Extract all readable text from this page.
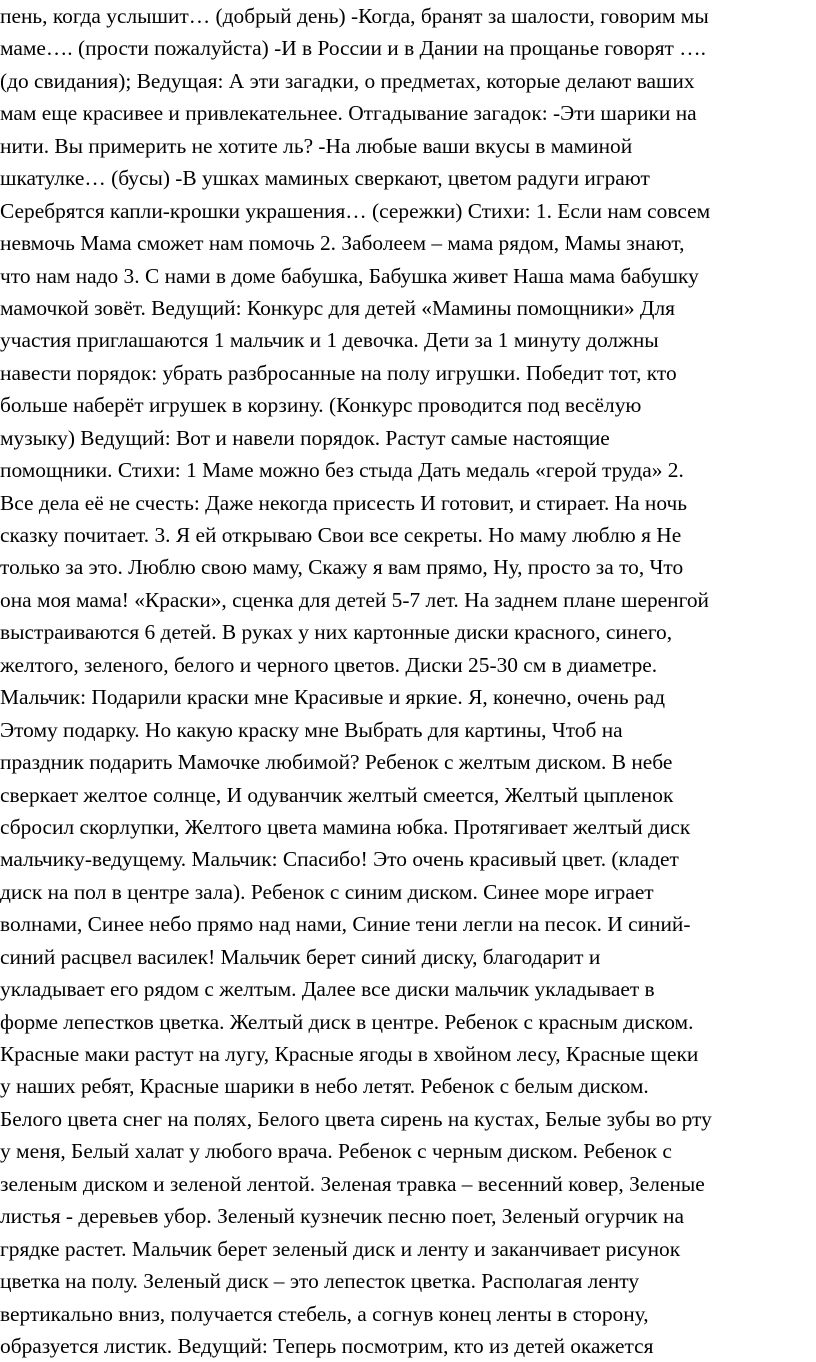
пень, когда услышит… (добрый день) -Когда, бранят за шалости, говорим мы
маме…. (прости пожалуйста) -И в России и в Дании на прощанье говорят ….
(до свидания); Ведущая: А эти загадки, о предметах, которые делают ваших
мам еще красивее и привлекательнее. Отгадывание загадок: -Эти шарики на
нити. Вы примерить не хотите ль? -На любые ваши вкусы в маминой
шкатулке… (бусы) -В ушках маминых сверкают, цветом радуги играют
Серебрятся капли-крошки украшения… (сережки) Стихи: 1. Если нам совсем
невмочь Мама сможет нам помочь 2. Заболеем – мама рядом, Мамы знают,
что нам надо 3. С нами в доме бабушка, Бабушка живет Наша мама бабушку
мамочкой зовёт. Ведущий: Конкурс для детей «Мамины помощники» Для
участия приглашаются 1 мальчик и 1 девочка. Дети за 1 минуту должны
навести порядок: убрать разбросанные на полу игрушки. Победит тот, кто
больше наберёт игрушек в корзину. (Конкурс проводится под весёлую
музыку) Ведущий: Вот и навели порядок. Растут самые настоящие
помощники. Стихи: 1 Маме можно без стыда Дать медаль «герой труда» 2.
Все дела её не счесть: Даже некогда присесть И готовит, и стирает. На ночь
сказку почитает. 3. Я ей открываю Свои все секреты. Но маму люблю я Не
только за это. Люблю свою маму, Скажу я вам прямо, Ну, просто за то, Что
она моя мама! «Краски», сценка для детей 5-7 лет. На заднем плане шеренгой
выстраиваются 6 детей. В руках у них картонные диски красного, синего,
желтого, зеленого, белого и черного цветов. Диски 25-30 см в диаметре.
Мальчик: Подарили краски мне Красивые и яркие. Я, конечно, очень рад
Этому подарку. Но какую краску мне Выбрать для картины, Чтоб на
праздник подарить Мамочке любимой? Ребенок с желтым диском. В небе
сверкает желтое солнце, И одуванчик желтый смеется, Желтый цыпленок
сбросил скорлупки, Желтого цвета мамина юбка. Протягивает желтый диск
мальчику-ведущему. Мальчик: Спасибо! Это очень красивый цвет. (кладет
диск на пол в центре зала). Ребенок с синим диском. Синее море играет
волнами, Синее небо прямо над нами, Синие тени легли на песок. И синий-
синий расцвел василек! Мальчик берет синий диску, благодарит и
укладывает его рядом с желтым. Далее все диски мальчик укладывает в
форме лепестков цветка. Желтый диск в центре. Ребенок с красным диском.
Красные маки растут на лугу, Красные ягоды в хвойном лесу, Красные щеки
у наших ребят, Красные шарики в небо летят. Ребенок с белым диском.
Белого цвета снег на полях, Белого цвета сирень на кустах, Белые зубы во рту
у меня, Белый халат у любого врача. Ребенок с черным диском. Ребенок с
зеленым диском и зеленой лентой. Зеленая травка – весенний ковер, Зеленые
листья - деревьев убор. Зеленый кузнечик песню поет, Зеленый огурчик на
грядке растет. Мальчик берет зеленый диск и ленту и заканчивает рисунок
цветка на полу. Зеленый диск – это лепесток цветка. Располагая ленту
вертикально вниз, получается стебель, а согнув конец ленты в сторону,
образуется листик. Ведущий: Теперь посмотрим, кто из детей окажется
